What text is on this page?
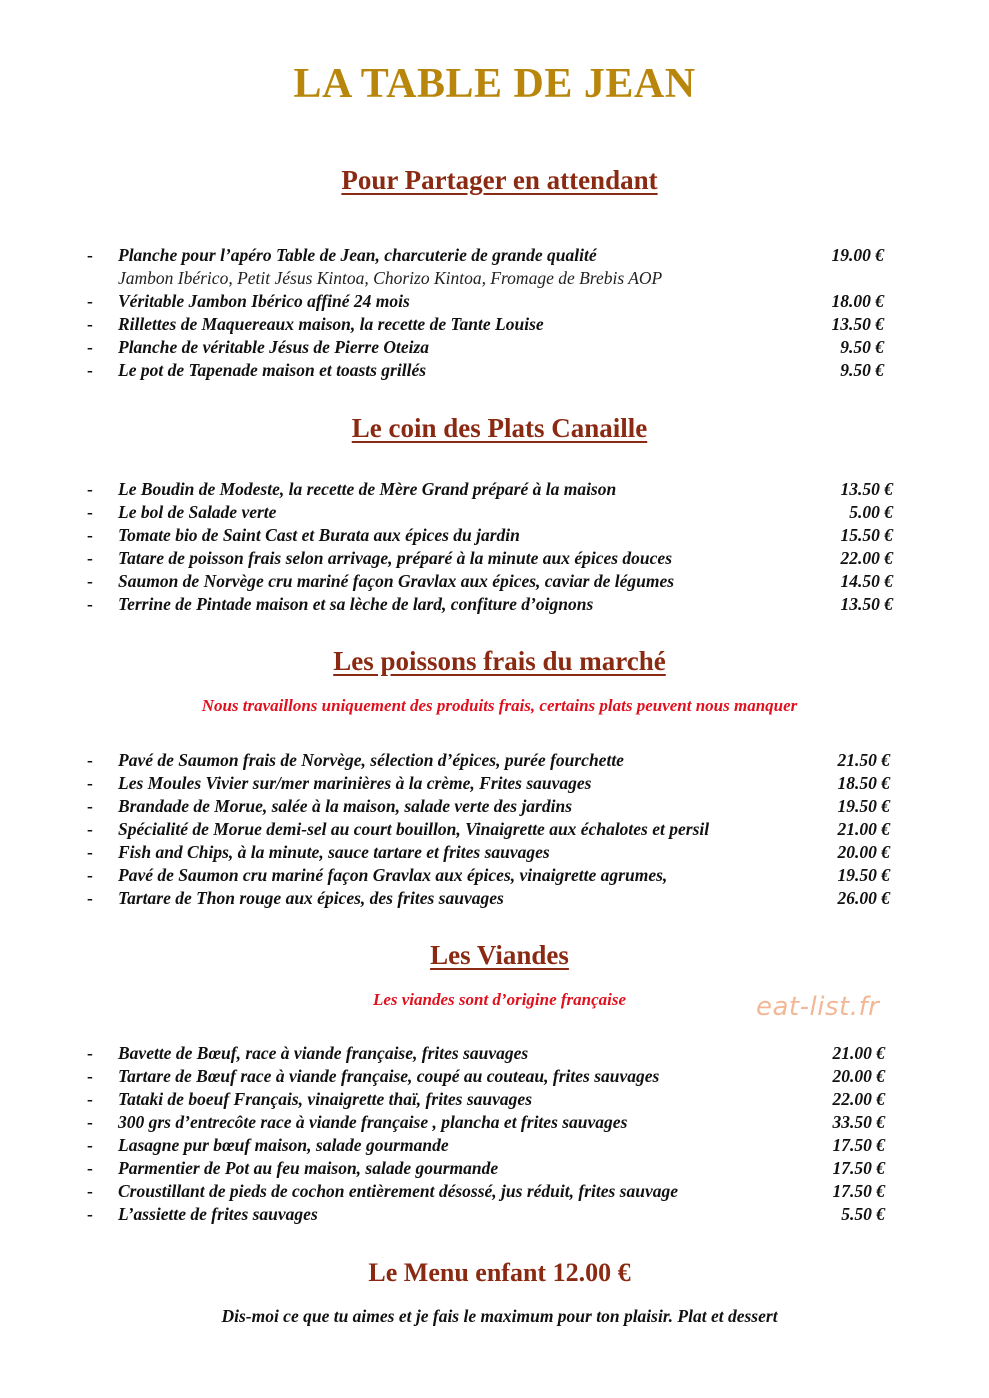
LA TABLE DE JEAN
Pour Partager en attendant
- Planche pour l’apéro Table de Jean, charcuterie de grande qualité	19.00 €
Jambon Ibérico, Petit Jésus Kintoa, Chorizo Kintoa, Fromage de Brebis AOP
- Véritable Jambon Ibérico affiné 24 mois	18.00 €
- Rillettes de Maquereaux maison, la recette de Tante Louise	13.50 €
- Planche de véritable Jésus de Pierre Oteiza	9.50 €
- Le pot de Tapenade maison et toasts grillés	9.50 €
Le coin des Plats Canaille
- Le Boudin de Modeste, la recette de Mère Grand préparé à la maison	13.50 €
- Le bol de Salade verte	5.00 €
- Tomate bio de Saint Cast et Burata aux épices du jardin	15.50 €
- Tatare de poisson frais selon arrivage, préparé à la minute aux épices douces	22.00 €
- Saumon de Norvège cru mariné façon Gravlax aux épices, caviar de légumes	14.50 €
- Terrine de Pintade maison et sa lèche de lard, confiture d’oignons	13.50 €
Les poissons frais du marché
Nous travaillons uniquement des produits frais, certains plats peuvent nous manquer
- Pavé de Saumon frais de Norvège, sélection d’épices, purée fourchette	21.50 €
- Les Moules Vivier sur/mer marinières à la crème, Frites sauvages	18.50 €
- Brandade de Morue, salée à la maison, salade verte des jardins	19.50 €
- Spécialité de Morue demi-sel au court bouillon, Vinaigrette aux échalotes et persil	21.00 €
- Fish and Chips, à la minute, sauce tartare et frites sauvages	20.00 €
- Pavé de Saumon cru mariné façon Gravlax aux épices, vinaigrette agrumes,	19.50 €
- Tartare de Thon rouge aux épices, des frites sauvages	26.00 €
Les Viandes
Les viandes sont d’origine française
- Bavette de Bœuf, race à viande française, frites sauvages	21.00 €
- Tartare de Bœuf race à viande française, coupé au couteau, frites sauvages	20.00 €
- Tataki de boeuf Français, vinaigrette thaï, frites sauvages	22.00 €
- 300 grs d’entrecôte race à viande française , plancha et frites sauvages	33.50 €
- Lasagne pur bœuf maison, salade gourmande	17.50 €
- Parmentier de Pot au feu maison, salade gourmande	17.50 €
- Croustillant de pieds de cochon entièrement désossé, jus réduit, frites sauvage	17.50 €
- L’assiette de frites sauvages	5.50 €
eat-list.fr
Le Menu enfant 12.00 €
Dis-moi ce que tu aimes et je fais le maximum pour ton plaisir. Plat et dessert
